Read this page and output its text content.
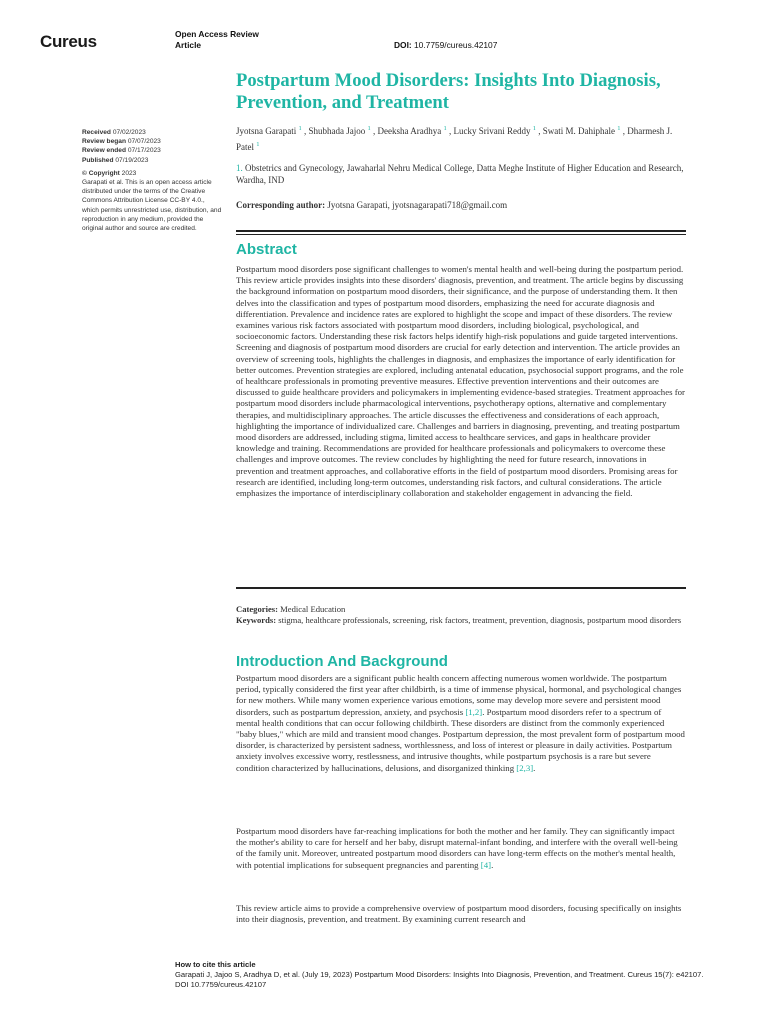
Cureus	Open Access Review
Article	DOI: 10.7759/cureus.42107
Postpartum Mood Disorders: Insights Into Diagnosis, Prevention, and Treatment
Jyotsna Garapati $^1$ , Shubhada Jajoo $^1$ , Deeksha Aradhya $^1$ , Lucky Srivani Reddy $^1$ , Swati M. Dahiphale $^1$ , Dharmesh J. Patel $^1$
1. Obstetrics and Gynecology, Jawaharlal Nehru Medical College, Datta Meghe Institute of Higher Education and Research, Wardha, IND
Corresponding author: Jyotsna Garapati, jyotsnagarapati718@gmail.com
Received 07/02/2023
Review began 07/07/2023
Review ended 07/17/2023
Published 07/19/2023
© Copyright 2023
Garapati et al. This is an open access article distributed under the terms of the Creative Commons Attribution License CC-BY 4.0., which permits unrestricted use, distribution, and reproduction in any medium, provided the original author and source are credited.
Abstract

Postpartum mood disorders pose significant challenges to women's mental health and well-being during the postpartum period. This review article provides insights into these disorders' diagnosis, prevention, and treatment. The article begins by discussing the background information on postpartum mood disorders, their significance, and the purpose of understanding them. It then delves into the classification and types of postpartum mood disorders, emphasizing the need for accurate diagnosis and differentiation. Prevalence and incidence rates are explored to highlight the scope and impact of these disorders. The review examines various risk factors associated with postpartum mood disorders, including biological, psychological, and socioeconomic factors. Understanding these risk factors helps identify high-risk populations and guide targeted interventions. Screening and diagnosis of postpartum mood disorders are crucial for early detection and intervention. The article provides an overview of screening tools, highlights the challenges in diagnosis, and emphasizes the importance of early identification for better outcomes. Prevention strategies are explored, including antenatal education, psychosocial support programs, and the role of healthcare professionals in promoting preventive measures. Effective prevention interventions and their outcomes are discussed to guide healthcare providers and policymakers in implementing evidence-based strategies. Treatment approaches for postpartum mood disorders include pharmacological interventions, psychotherapy options, alternative and complementary therapies, and multidisciplinary approaches. The article discusses the effectiveness and considerations of each approach, highlighting the importance of individualized care. Challenges and barriers in diagnosing, preventing, and treating postpartum mood disorders are addressed, including stigma, limited access to healthcare services, and gaps in healthcare provider knowledge and training. Recommendations are provided for healthcare professionals and policymakers to overcome these challenges and improve outcomes. The review concludes by highlighting the need for future research, innovations in prevention and treatment approaches, and collaborative efforts in the field of postpartum mood disorders. Promising areas for research are identified, including long-term outcomes, understanding risk factors, and cultural considerations. The article emphasizes the importance of interdisciplinary collaboration and stakeholder engagement in advancing the field.

Categories: Medical Education
Keywords: stigma, healthcare professionals, screening, risk factors, treatment, prevention, diagnosis, postpartum mood disorders
Introduction And Background

Postpartum mood disorders are a significant public health concern affecting numerous women worldwide. The postpartum period, typically considered the first year after childbirth, is a time of immense physical, hormonal, and psychological changes for new mothers. While many women experience various emotions, some may develop more severe and persistent mood disorders, such as postpartum depression, anxiety, and psychosis [1,2]. Postpartum mood disorders refer to a spectrum of mental health conditions that can occur following childbirth. These disorders are distinct from the commonly experienced "baby blues," which are mild and transient mood changes. Postpartum depression, the most prevalent form of postpartum mood disorder, is characterized by persistent sadness, worthlessness, and loss of interest or pleasure in daily activities. Postpartum anxiety involves excessive worry, restlessness, and intrusive thoughts, while postpartum psychosis is a rare but severe condition characterized by hallucinations, delusions, and disorganized thinking [2,3].

Postpartum mood disorders have far-reaching implications for both the mother and her family. They can significantly impact the mother's ability to care for herself and her baby, disrupt maternal-infant bonding, and interfere with the overall well-being of the family unit. Moreover, untreated postpartum mood disorders can have long-term effects on the mother's mental health, with potential implications for subsequent pregnancies and parenting [4].

This review article aims to provide a comprehensive overview of postpartum mood disorders, focusing specifically on insights into their diagnosis, prevention, and treatment. By examining current research and

How to cite this article
Garapati J, Jajoo S, Aradhya D, et al. (July 19, 2023) Postpartum Mood Disorders: Insights Into Diagnosis, Prevention, and Treatment. Cureus 15(7): e42107. DOI 10.7759/cureus.42107
